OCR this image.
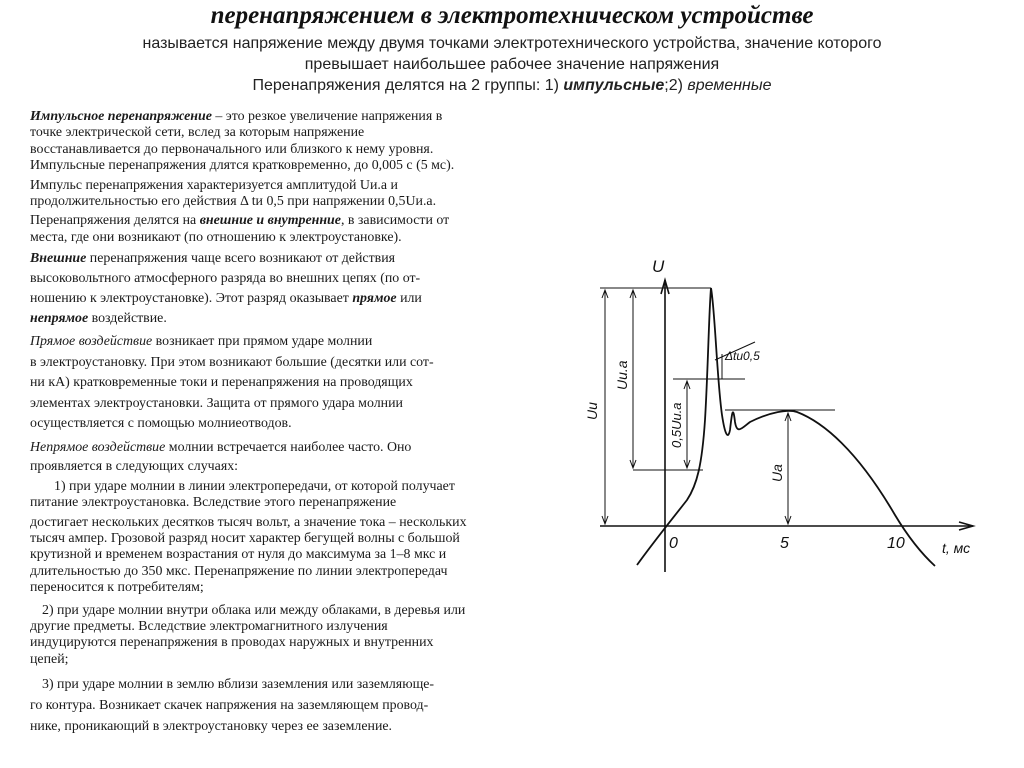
перенапряжением в электротехническом устройстве
называется напряжение между двумя точками электротехнического устройства, значение которого
превышает наибольшее рабочее значение напряжения
Перенапряжения делятся на 2 группы: 1) импульсные;2) временные

Импульсное перенапряжение – это резкое увеличение напряжения в
точке электрической сети, вслед за которым напряжение
восстанавливается до первоначального или близкого к нему уровня.
Импульсные перенапряжения длятся кратковременно, до 0,005 с (5 мс).

Импульс перенапряжения характеризуется амплитудой Uи.а и
продолжительностью его действия Δ tи 0,5 при напряжении 0,5Uи.а.

Перенапряжения делятся на внешние и внутренние, в зависимости от
места, где они возникают (по отношению к электроустановке).

Внешние перенапряжения чаще всего возникают от действия
высоковольтного атмосферного разряда во внешних цепях (по от-
ношению к электроустановке). Этот разряд оказывает прямое или
непрямое воздействие.

Прямое воздействие возникает при прямом ударе молнии
в электроустановку. При этом возникают большие (десятки или сот-
ни кА) кратковременные токи и перенапряжения на проводящих
элементах электроустановки. Защита от прямого удара молнии
осуществляется с помощью молниеотводов.

Непрямое воздействие молнии встречается наиболее часто. Оно
проявляется в следующих случаях:

1) при ударе молнии в линии электропередачи, от которой получает
питание электроустановка. Вследствие этого перенапряжение
достигает нескольких десятков тысяч вольт, а значение тока – нескольких
тысяч ампер. Грозовой разряд носит характер бегущей волны с большой
крутизной и временем возрастания от нуля до максимума за 1–8 мкс и
длительностью до 350 мкс. Перенапряжение по линии электропередач
переносится к потребителям;

2) при ударе молнии внутри облака или между облаками, в деревья или
другие предметы. Вследствие электромагнитного излучения
индуцируются перенапряжения в проводах наружных и внутренних
цепей;

3) при ударе молнии в землю вблизи заземления или заземляюще-
го контура. Возникает скачек напряжения на заземляющем провод-
нике, проникающий в электроустановку через ее заземление.

U
t, мс
0	5	10
Uи
Uи.а
0,5Uи.а
Uа
Δtи0,5
